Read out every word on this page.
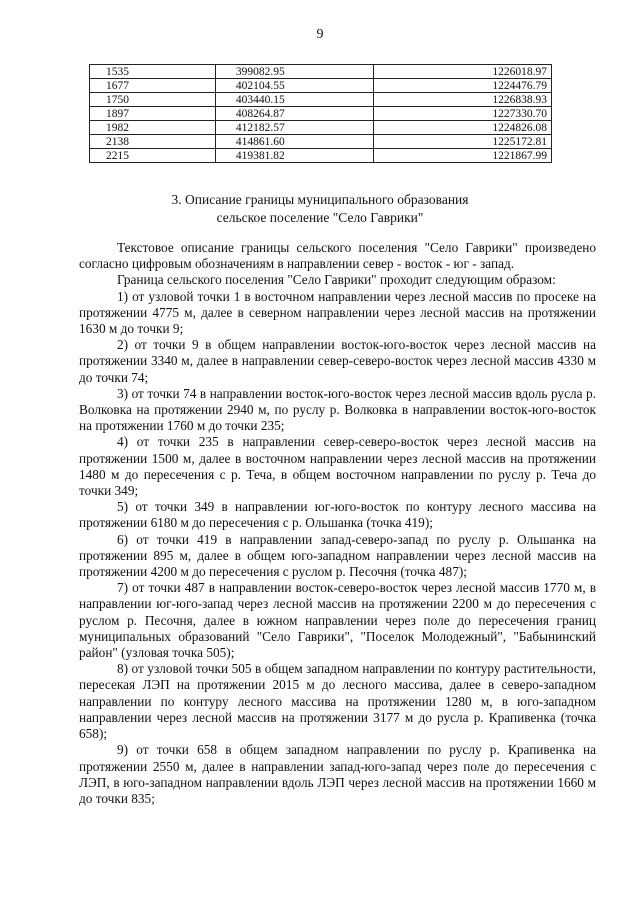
9
1535	399082.95	1226018.97
1677	402104.55	1224476.79
1750	403440.15	1226838.93
1897	408264.87	1227330.70
1982	412182.57	1224826.08
2138	414861.60	1225172.81
2215	419381.82	1221867.99
3. Описание границы муниципального образования
сельское поселение "Село Гаврики"

Текстовое описание границы сельского поселения "Село Гаврики" произведено согласно цифровым обозначениям в направлении север - восток - юг - запад.

Граница сельского поселения "Село Гаврики" проходит следующим образом:

1) от узловой точки 1 в восточном направлении через лесной массив по просеке на протяжении 4775 м, далее в северном направлении через лесной массив на протяжении 1630 м до точки 9;

2) от точки 9 в общем направлении восток-юго-восток через лесной массив на протяжении 3340 м, далее в направлении север-северо-восток через лесной массив 4330 м до точки 74;

3) от точки 74 в направлении восток-юго-восток через лесной массив вдоль русла р. Волковка на протяжении 2940 м, по руслу р. Волковка в направлении восток-юго-восток на протяжении 1760 м до точки 235;

4) от точки 235 в направлении север-северо-восток через лесной массив на протяжении 1500 м, далее в восточном направлении через лесной массив на протяжении 1480 м до пересечения с р. Теча, в общем восточном направлении по руслу р. Теча до точки 349;

5) от точки 349 в направлении юг-юго-восток по контуру лесного массива на протяжении 6180 м до пересечения с р. Ольшанка (точка 419);

6) от точки 419 в направлении запад-северо-запад по руслу р. Ольшанка на протяжении 895 м, далее в общем юго-западном направлении через лесной массив на протяжении 4200 м до пересечения с руслом р. Песочня (точка 487);

7) от точки 487 в направлении восток-северо-восток через лесной массив 1770 м, в направлении юг-юго-запад через лесной массив на протяжении 2200 м до пересечения с руслом р. Песочня, далее в южном направлении через поле до пересечения границ муниципальных образований "Село Гаврики", "Поселок Молодежный", "Бабынинский район" (узловая точка 505);

8) от узловой точки 505 в общем западном направлении по контуру растительности, пересекая ЛЭП на протяжении 2015 м до лесного массива, далее в северо-западном направлении по контуру лесного массива на протяжении 1280 м, в юго-западном направлении через лесной массив на протяжении 3177 м до русла р. Крапивенка (точка 658);

9) от точки 658 в общем западном направлении по руслу р. Крапивенка на протяжении 2550 м, далее в направлении запад-юго-запад через поле до пересечения с ЛЭП, в юго-западном направлении вдоль ЛЭП через лесной массив на протяжении 1660 м до точки 835;
